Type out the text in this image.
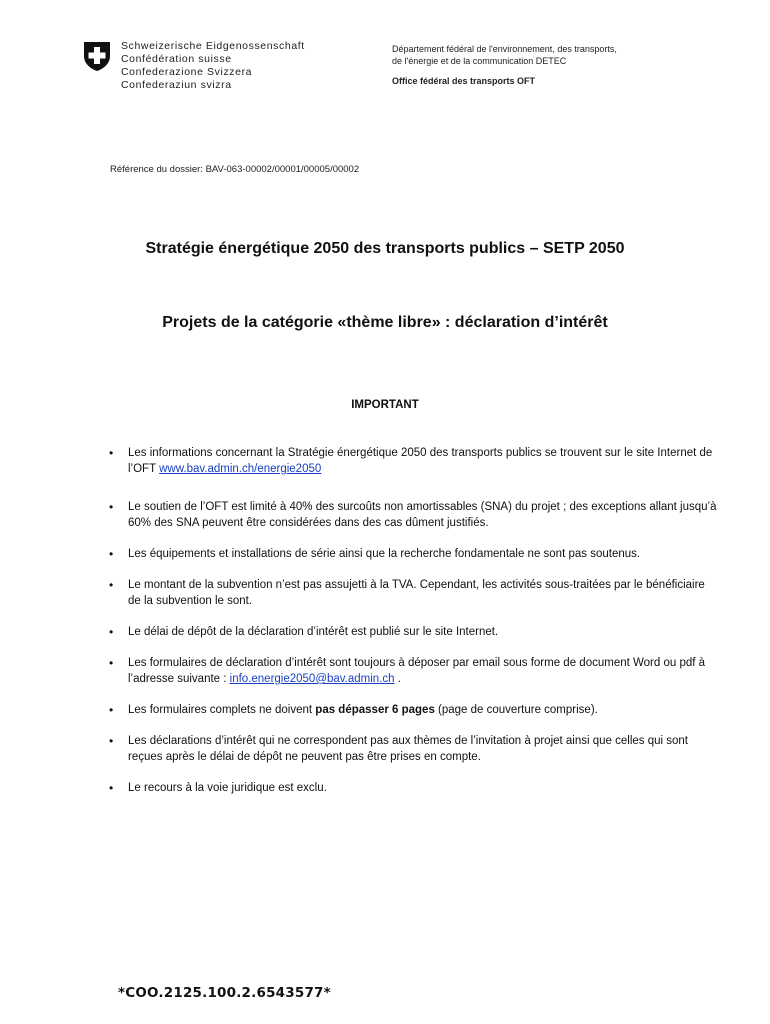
Schweizerische Eidgenossenschaft
Confédération suisse
Confederazione Svizzera
Confederaziun svizra
Département fédéral de l'environnement, des transports,
de l'énergie et de la communication DETEC
Office fédéral des transports OFT
Référence du dossier: BAV-063-00002/00001/00005/00002
Stratégie énergétique 2050 des transports publics – SETP 2050
Projets de la catégorie «thème libre» : déclaration d’intérêt
IMPORTANT
• Les informations concernant la Stratégie énergétique 2050 des transports publics se trouvent sur le site Internet de l’OFT www.bav.admin.ch/energie2050
• Le soutien de l’OFT est limité à 40% des surcoûts non amortissables (SNA) du projet ; des exceptions allant jusqu’à 60% des SNA peuvent être considérées dans des cas dûment justifiés.
• Les équipements et installations de série ainsi que la recherche fondamentale ne sont pas soutenus.
• Le montant de la subvention n’est pas assujetti à la TVA. Cependant, les activités sous-traitées par le bénéficiaire de la subvention le sont.
• Le délai de dépôt de la déclaration d’intérêt est publié sur le site Internet.
• Les formulaires de déclaration d’intérêt sont toujours à déposer par email sous forme de document Word ou pdf à l’adresse suivante : info.energie2050@bav.admin.ch .
• Les formulaires complets ne doivent pas dépasser 6 pages (page de couverture comprise).
• Les déclarations d’intérêt qui ne correspondent pas aux thèmes de l’invitation à projet ainsi que celles qui sont reçues après le délai de dépôt ne peuvent pas être prises en compte.
• Le recours à la voie juridique est exclu.
*COO.2125.100.2.6543577*
